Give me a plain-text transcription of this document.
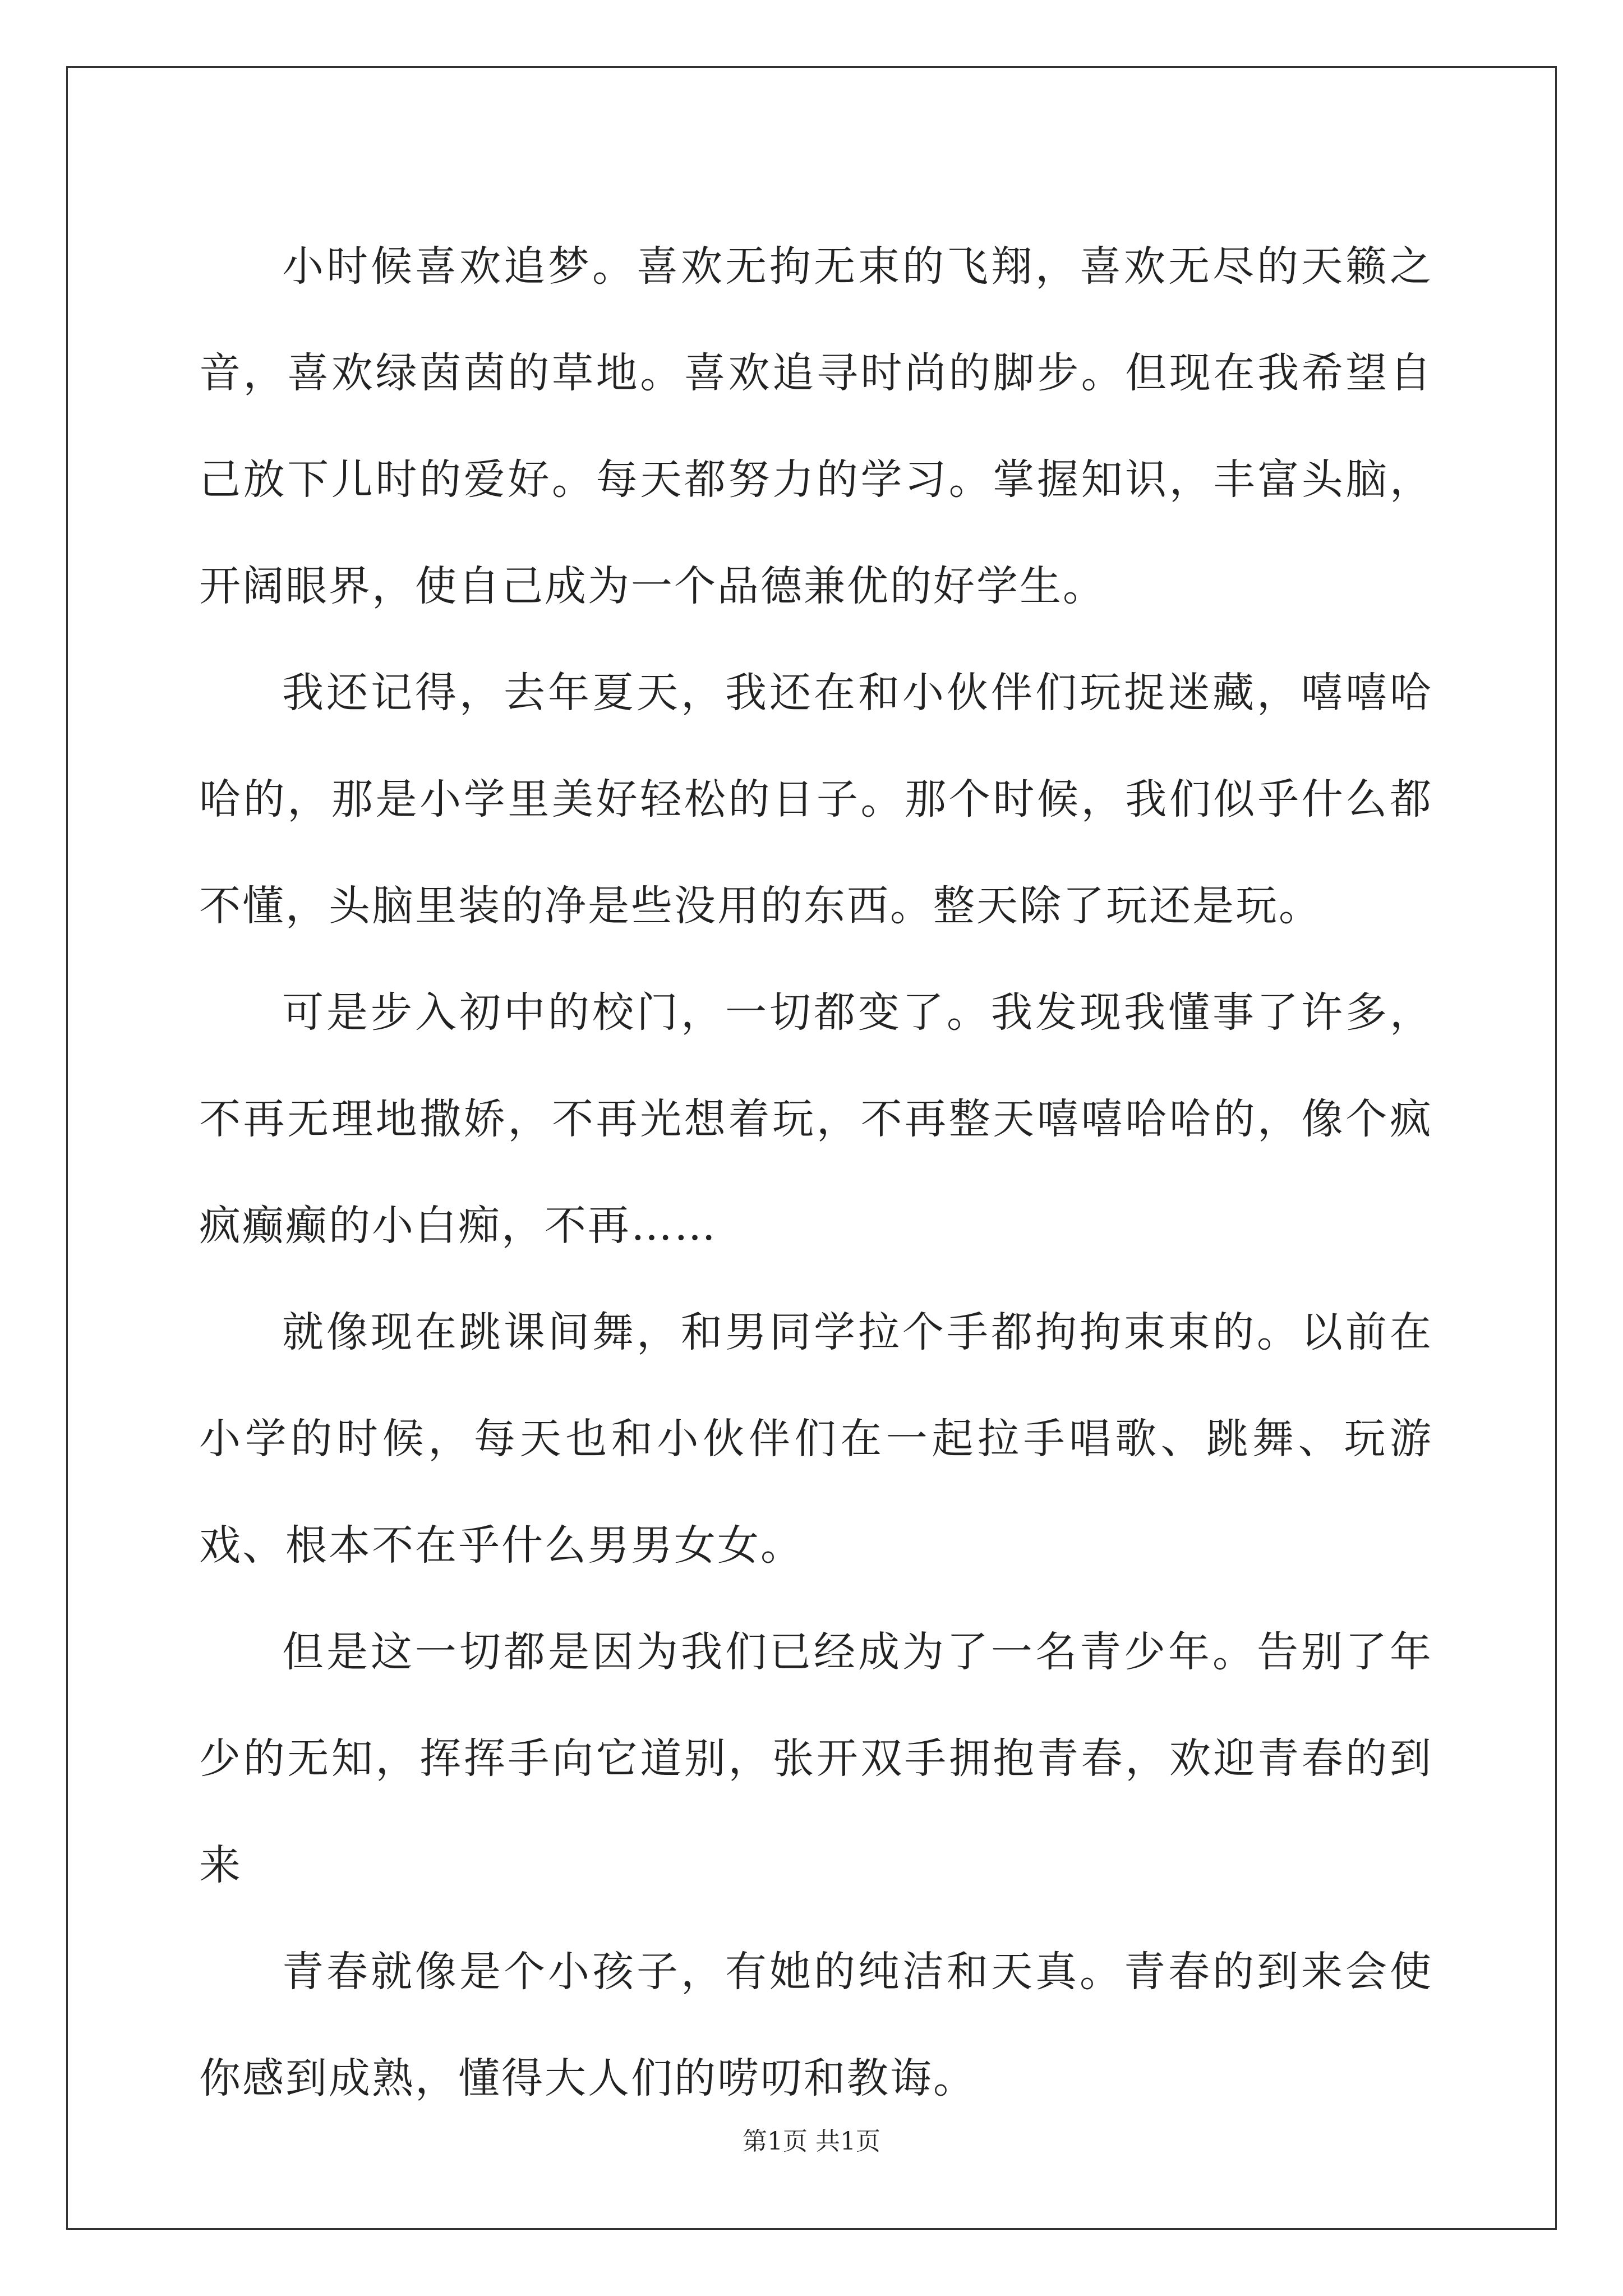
小时候喜欢追梦。喜欢无拘无束的飞翔，喜欢无尽的天籁之音，喜欢绿茵茵的草地。喜欢追寻时尚的脚步。但现在我希望自己放下儿时的爱好。每天都努力的学习。掌握知识，丰富头脑，开阔眼界，使自己成为一个品德兼优的好学生。

我还记得，去年夏天，我还在和小伙伴们玩捉迷藏，嘻嘻哈哈的，那是小学里美好轻松的日子。那个时候，我们似乎什么都不懂，头脑里装的净是些没用的东西。整天除了玩还是玩。

可是步入初中的校门，一切都变了。我发现我懂事了许多，不再无理地撒娇，不再光想着玩，不再整天嘻嘻哈哈的，像个疯疯癫癫的小白痴，不再……

就像现在跳课间舞，和男同学拉个手都拘拘束束的。以前在小学的时候，每天也和小伙伴们在一起拉手唱歌、跳舞、玩游戏、根本不在乎什么男男女女。

但是这一切都是因为我们已经成为了一名青少年。告别了年少的无知，挥挥手向它道别，张开双手拥抱青春，欢迎青春的到来

青春就像是个小孩子，有她的纯洁和天真。青春的到来会使你感到成熟，懂得大人们的唠叨和教诲。

第1页 共1页
